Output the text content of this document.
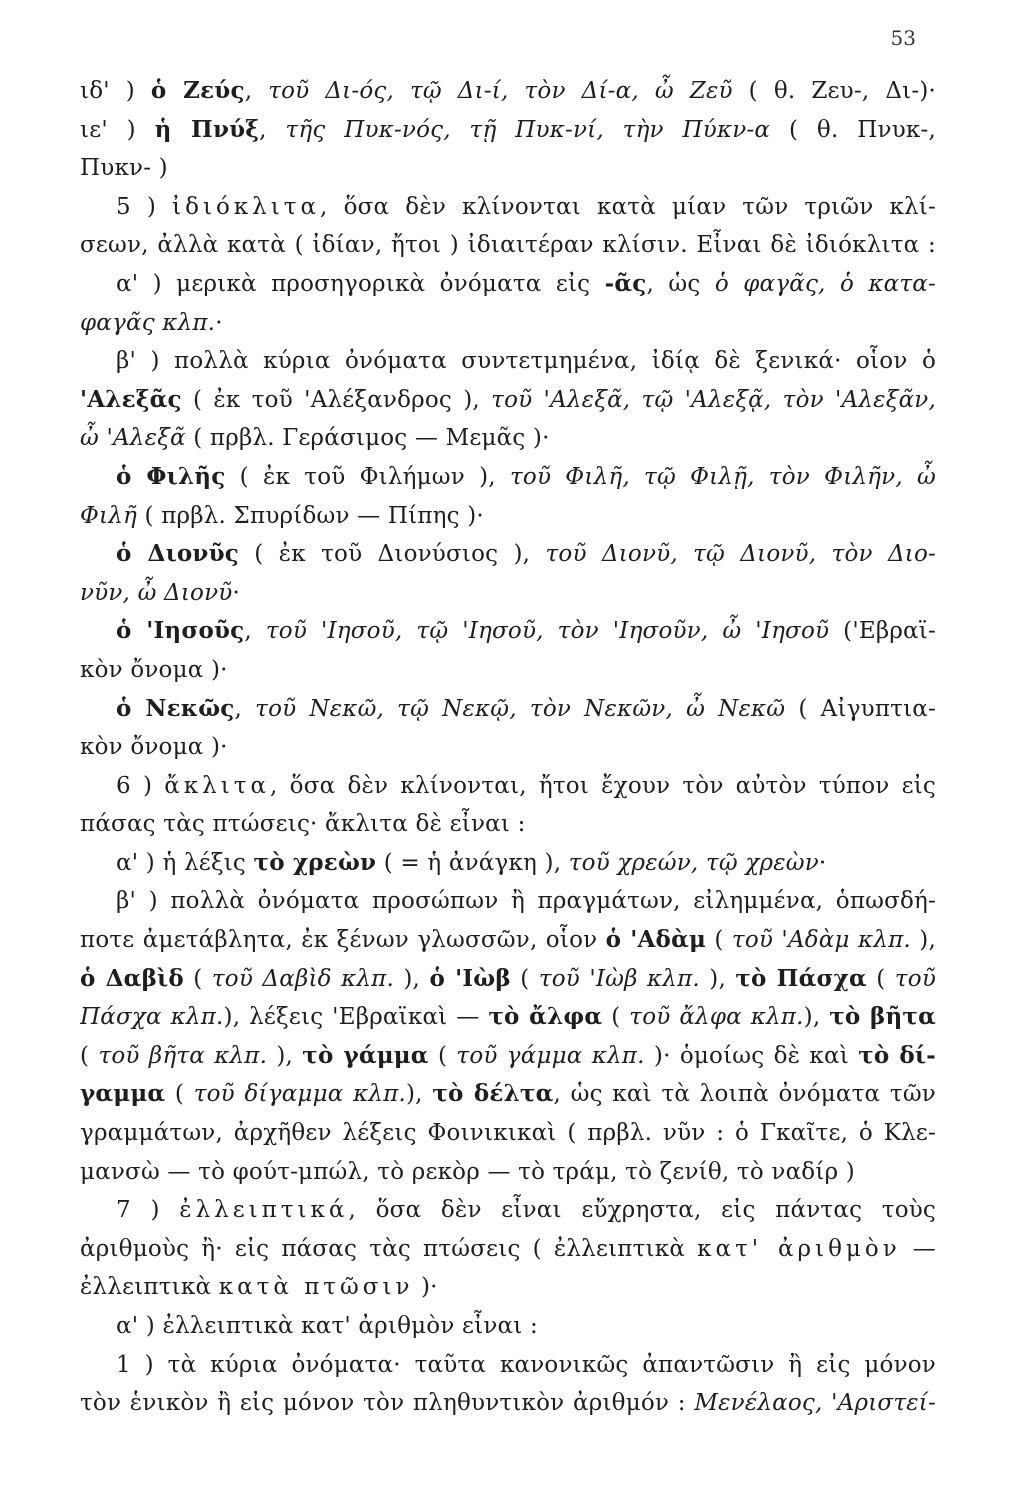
53
ιδ' ) ὁ Ζεύς, τοῦ Δι-ός, τῷ Δι-ί, τὸν Δί-α, ὦ Ζεῦ ( θ. Ζευ-, Δι-)·
ιε' ) ἡ Πνύξ, τῆς Πυκ-νός, τῇ Πυκ-νί, τὴν Πύκν-α ( θ. Πνυκ-,
Πυκν- )
5 ) ἰδιόκλιτα, ὅσα δὲν κλίνονται κατὰ μίαν τῶν τριῶν κλί-
σεων, ἀλλὰ κατὰ ( ἰδίαν, ἤτοι ) ἰδιαιτέραν κλίσιν. Εἶναι δὲ ἰδιόκλιτα :
α' ) μερικὰ προσηγορικὰ ὀνόματα εἰς -ᾶς, ὡς ὁ φαγᾶς, ὁ κατα-
φαγᾶς κλπ.·
β' ) πολλὰ κύρια ὀνόματα συντετμημένα, ἰδίᾳ δὲ ξενικά· οἷον ὁ
'Αλεξᾶς ( ἐκ τοῦ 'Αλέξανδρος ), τοῦ 'Αλεξᾶ, τῷ 'Αλεξᾷ, τὸν 'Αλεξᾶν,
ὦ 'Αλεξᾶ ( πρβλ. Γεράσιμος — Μεμᾶς )·
ὁ Φιλῆς ( ἐκ τοῦ Φιλήμων ), τοῦ Φιλῆ, τῷ Φιλῇ, τὸν Φιλῆν, ὦ
Φιλῆ ( πρβλ. Σπυρίδων — Πίπης )·
ὁ Διονῦς ( ἐκ τοῦ Διονύσιος ), τοῦ Διονῦ, τῷ Διονῦ, τὸν Διο-
νῦν, ὦ Διονῦ·
ὁ 'Ιησοῦς, τοῦ 'Ιησοῦ, τῷ 'Ιησοῦ, τὸν 'Ιησοῦν, ὦ 'Ιησοῦ ('Εβραϊ-
κὸν ὄνομα )·
ὁ Νεκῶς, τοῦ Νεκῶ, τῷ Νεκῷ, τὸν Νεκῶν, ὦ Νεκῶ ( Αἰγυπτια-
κὸν ὄνομα )·
6 ) ἄκλιτα, ὅσα δὲν κλίνονται, ἤτοι ἔχουν τὸν αὐτὸν τύπον εἰς
πάσας τὰς πτώσεις· ἄκλιτα δὲ εἶναι :
α' ) ἡ λέξις τὸ χρεὼν ( = ἡ ἀνάγκη ), τοῦ χρεών, τῷ χρεὼν·
β' ) πολλὰ ὀνόματα προσώπων ἢ πραγμάτων, εἰλημμένα, ὁπωσδή-
ποτε ἀμετάβλητα, ἐκ ξένων γλωσσῶν, οἷον ὁ 'Αδὰμ ( τοῦ 'Αδὰμ κλπ. ),
ὁ Δαβὶδ ( τοῦ Δαβὶδ κλπ. ), ὁ 'Ιὼβ ( τοῦ 'Ιὼβ κλπ. ), τὸ Πάσχα ( τοῦ
Πάσχα κλπ.), λέξεις 'Εβραϊκαὶ — τὸ ἄλφα ( τοῦ ἄλφα κλπ.), τὸ βῆτα
( τοῦ βῆτα κλπ. ), τὸ γάμμα ( τοῦ γάμμα κλπ. )· ὁμοίως δὲ καὶ τὸ δί-
γαμμα ( τοῦ δίγαμμα κλπ.), τὸ δέλτα, ὡς καὶ τὰ λοιπὰ ὀνόματα τῶν
γραμμάτων, ἀρχῆθεν λέξεις Φοινικικαὶ ( πρβλ. νῦν : ὁ Γκαῖτε, ὁ Κλε-
μανσὼ — τὸ φούτ-μπώλ, τὸ ρεκὸρ — τὸ τράμ, τὸ ζενίθ, τὸ ναδίρ )
7 ) ἐλλειπτικά, ὅσα δὲν εἶναι εὔχρηστα, εἰς πάντας τοὺς
ἀριθμοὺς ἢ· εἰς πάσας τὰς πτώσεις ( ἐλλειπτικὰ κατ' ἀριθμὸν —
ἐλλειπτικὰ κατὰ πτῶσιν )·
α' ) ἐλλειπτικὰ κατ' ἀριθμὸν εἶναι :
1 ) τὰ κύρια ὀνόματα· ταῦτα κανονικῶς ἀπαντῶσιν ἢ εἰς μόνον
τὸν ἑνικὸν ἢ εἰς μόνον τὸν πληθυντικὸν ἀριθμόν : Μενέλαος, 'Αριστεί-
